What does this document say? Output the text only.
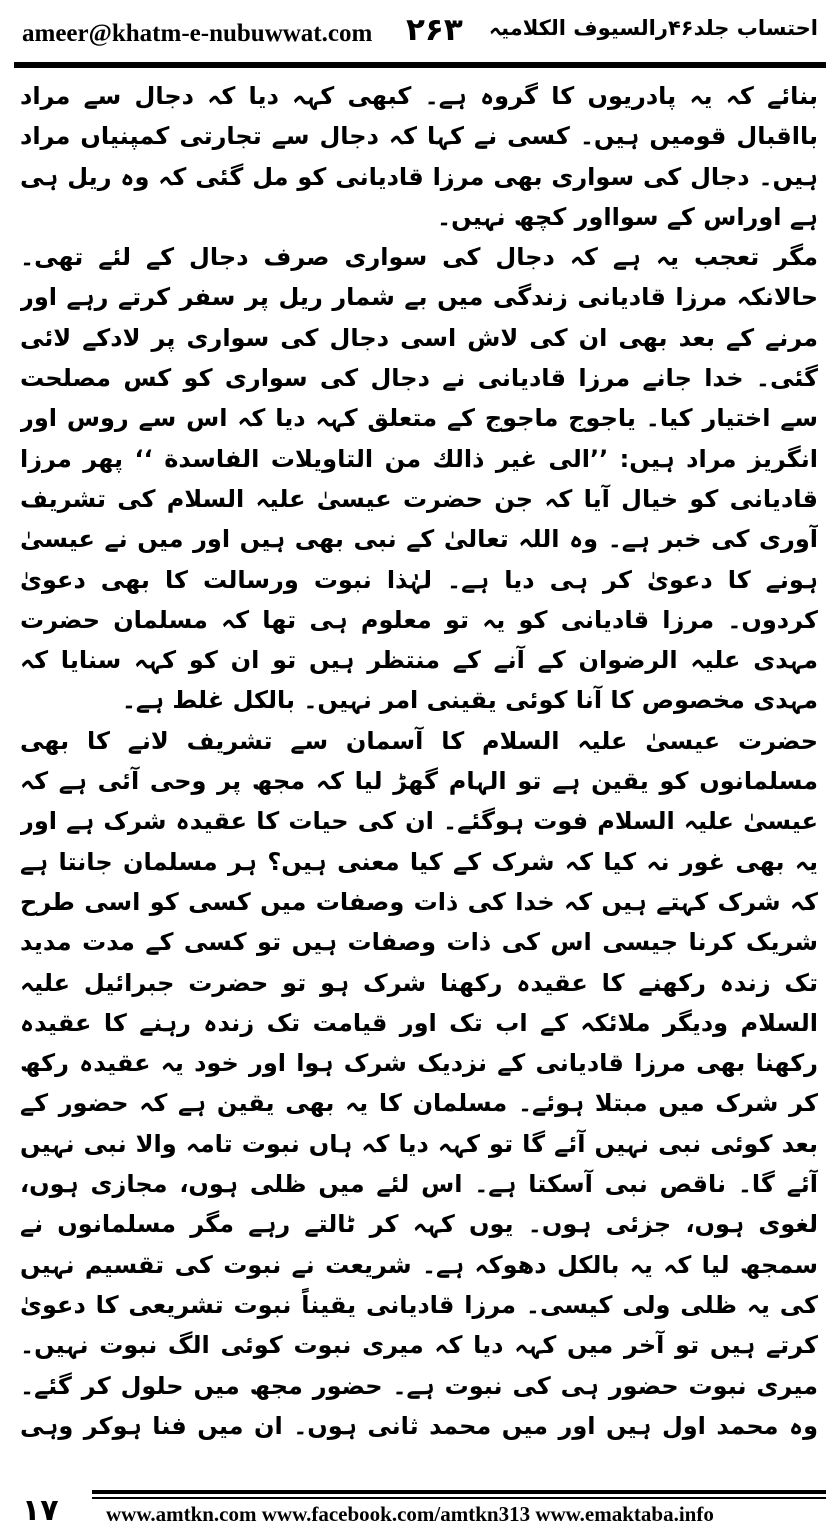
ameer@khatm-e-nubuwwat.com ۲۶۳ احتساب جلد۴۶رالسیوف الکلامیہ

بنائے کہ یہ پادریوں کا گروہ ہے۔ کبھی کہہ دیا کہ دجال سے مراد بااقبال قومیں ہیں۔ کسی نے کہا کہ دجال سے تجارتی کمپنیاں مراد ہیں۔ دجال کی سواری بھی مرزا قادیانی کو مل گئی کہ وہ ریل ہی ہے اوراس کے سوااور کچھ نہیں۔

مگر تعجب یہ ہے کہ دجال کی سواری صرف دجال کے لئے تھی۔ حالانکہ مرزا قادیانی زندگی میں بے شمار ریل پر سفر کرتے رہے اور مرنے کے بعد بھی ان کی لاش اسی دجال کی سواری پر لادکے لائی گئی۔ خدا جانے مرزا قادیانی نے دجال کی سواری کو کس مصلحت سے اختیار کیا۔ یاجوج ماجوج کے متعلق کہہ دیا کہ اس سے روس اور انگریز مراد ہیں: ’’الی غیر ذالك من التاویلات الفاسدة ‘‘ پھر مرزا قادیانی کو خیال آیا کہ جن حضرت عیسیٰ علیہ السلام کی تشریف آوری کی خبر ہے۔ وہ اللہ تعالیٰ کے نبی بھی ہیں اور میں نے عیسیٰ ہونے کا دعویٰ کر ہی دیا ہے۔ لہٰذا نبوت ورسالت کا بھی دعویٰ کردوں۔ مرزا قادیانی کو یہ تو معلوم ہی تھا کہ مسلمان حضرت مہدی علیہ الرضوان کے آنے کے منتظر ہیں تو ان کو کہہ سنایا کہ مہدی مخصوص کا آنا کوئی یقینی امر نہیں۔ بالکل غلط ہے۔

حضرت عیسیٰ علیہ السلام کا آسمان سے تشریف لانے کا بھی مسلمانوں کو یقین ہے تو الہام گھڑ لیا کہ مجھ پر وحی آئی ہے کہ عیسیٰ علیہ السلام فوت ہوگئے۔ ان کی حیات کا عقیدہ شرک ہے اور یہ بھی غور نہ کیا کہ شرک کے کیا معنی ہیں؟ ہر مسلمان جانتا ہے کہ شرک کہتے ہیں کہ خدا کی ذات وصفات میں کسی کو اسی طرح شریک کرنا جیسی اس کی ذات وصفات ہیں تو کسی کے مدت مدید تک زندہ رکھنے کا عقیدہ رکھنا شرک ہو تو حضرت جبرائیل علیہ السلام ودیگر ملائکہ کے اب تک اور قیامت تک زندہ رہنے کا عقیدہ رکھنا بھی مرزا قادیانی کے نزدیک شرک ہوا اور خود یہ عقیدہ رکھ کر شرک میں مبتلا ہوئے۔ مسلمان کا یہ بھی یقین ہے کہ حضور کے بعد کوئی نبی نہیں آئے گا تو کہہ دیا کہ ہاں نبوت تامہ والا نبی نہیں آئے گا۔ ناقص نبی آسکتا ہے۔ اس لئے میں ظلی ہوں، مجازی ہوں، لغوی ہوں، جزئی ہوں۔ یوں کہہ کر ٹالتے رہے مگر مسلمانوں نے سمجھ لیا کہ یہ بالکل دھوکہ ہے۔ شریعت نے نبوت کی تقسیم نہیں کی یہ ظلی ولی کیسی۔ مرزا قادیانی یقیناً نبوت تشریعی کا دعویٰ کرتے ہیں تو آخر میں کہہ دیا کہ میری نبوت کوئی الگ نبوت نہیں۔ میری نبوت حضور ہی کی نبوت ہے۔ حضور مجھ میں حلول کر گئے۔ وہ محمد اول ہیں اور میں محمد ثانی ہوں۔ ان میں فنا ہوکر وہی

۱۷ www.amtkn.com www.facebook.com/amtkn313 www.emaktaba.info
